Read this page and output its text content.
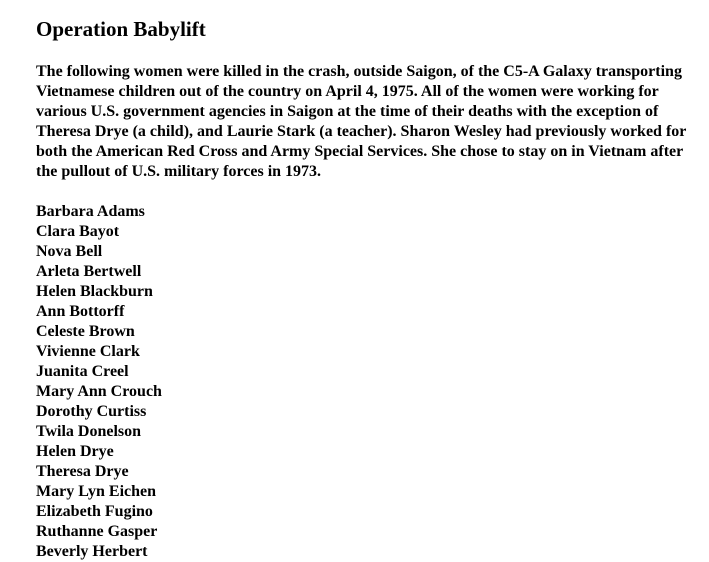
Operation Babylift

The following women were killed in the crash, outside Saigon, of the C5-A Galaxy transporting Vietnamese children out of the country on April 4, 1975. All of the women were working for various U.S. government agencies in Saigon at the time of their deaths with the exception of Theresa Drye (a child), and Laurie Stark (a teacher). Sharon Wesley had previously worked for both the American Red Cross and Army Special Services. She chose to stay on in Vietnam after the pullout of U.S. military forces in 1973.

Barbara Adams
Clara Bayot
Nova Bell
Arleta Bertwell
Helen Blackburn
Ann Bottorff
Celeste Brown
Vivienne Clark
Juanita Creel
Mary Ann Crouch
Dorothy Curtiss
Twila Donelson
Helen Drye
Theresa Drye
Mary Lyn Eichen
Elizabeth Fugino
Ruthanne Gasper
Beverly Herbert
